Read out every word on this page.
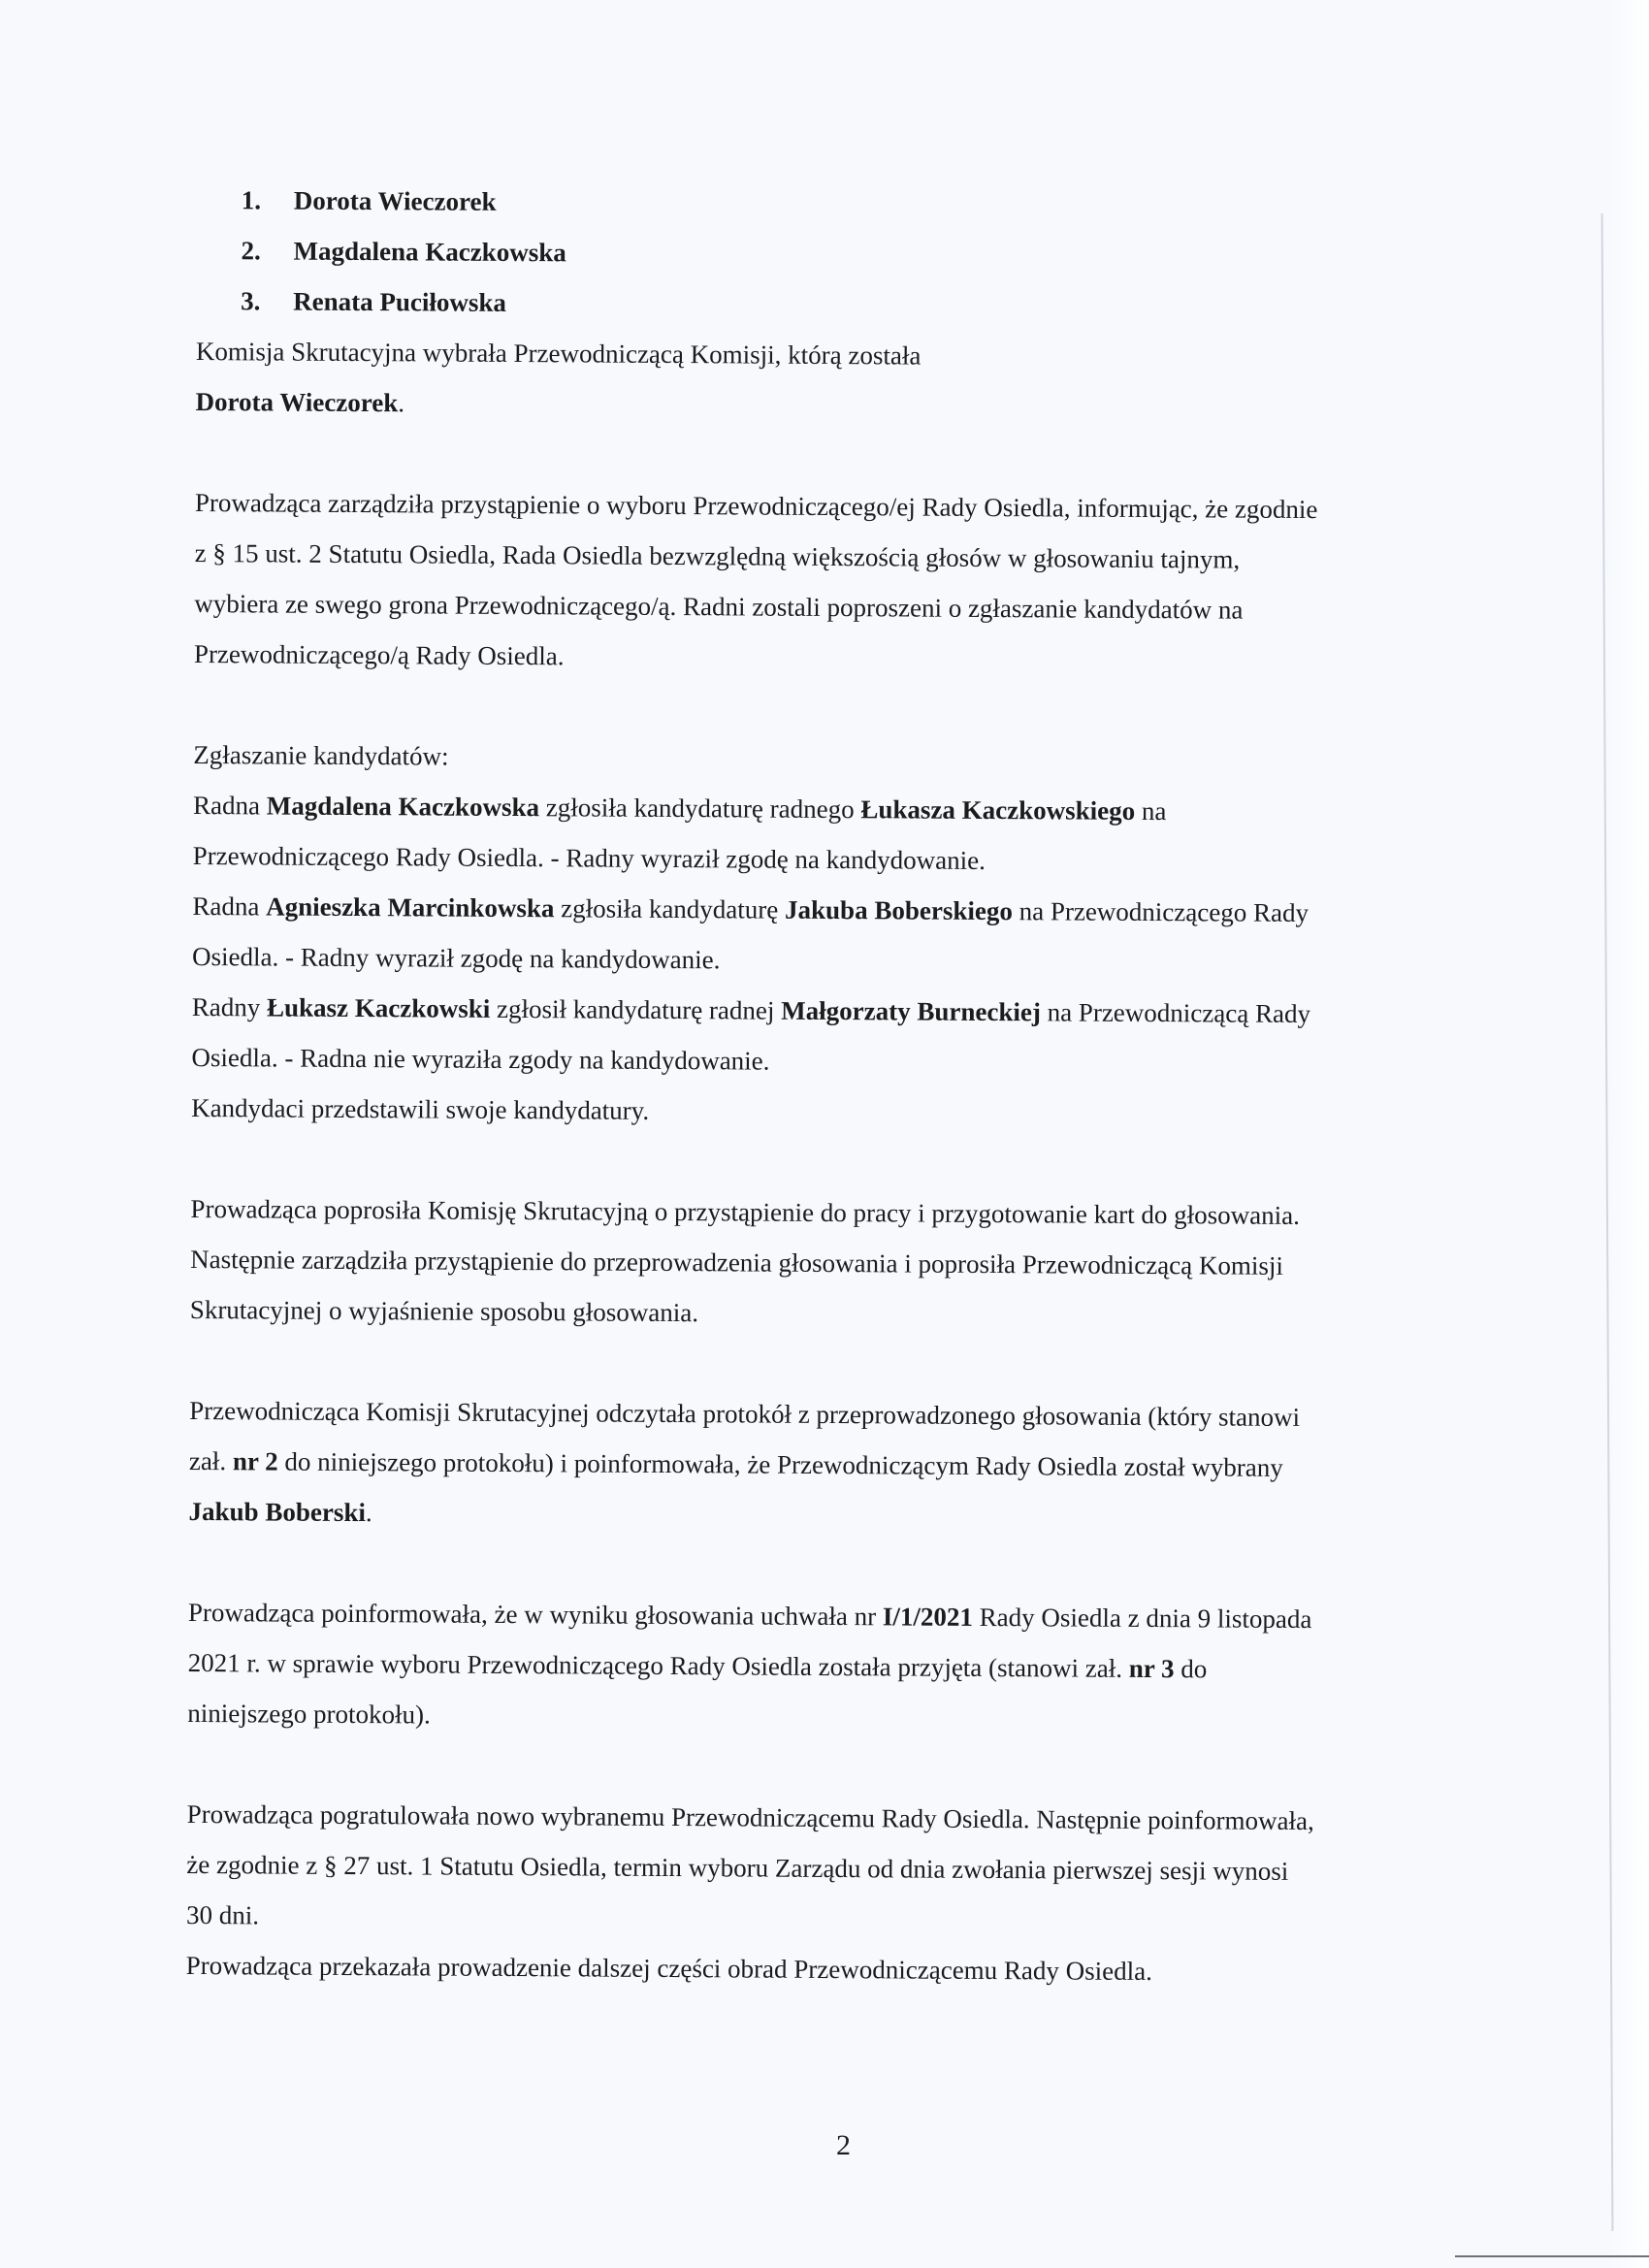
1. Dorota Wieczorek
2. Magdalena Kaczkowska
3. Renata Puciłowska
Komisja Skrutacyjna wybrała Przewodniczącą Komisji, którą została
Dorota Wieczorek.
Prowadząca zarządziła przystąpienie o wyboru Przewodniczącego/ej Rady Osiedla, informując, że zgodnie
z § 15 ust. 2 Statutu Osiedla, Rada Osiedla bezwzględną większością głosów w głosowaniu tajnym,
wybiera ze swego grona Przewodniczącego/ą. Radni zostali poproszeni o zgłaszanie kandydatów na
Przewodniczącego/ą Rady Osiedla.
Zgłaszanie kandydatów:
Radna Magdalena Kaczkowska zgłosiła kandydaturę radnego Łukasza Kaczkowskiego na
Przewodniczącego Rady Osiedla. - Radny wyraził zgodę na kandydowanie.
Radna Agnieszka Marcinkowska zgłosiła kandydaturę Jakuba Boberskiego na Przewodniczącego Rady
Osiedla. - Radny wyraził zgodę na kandydowanie.
Radny Łukasz Kaczkowski zgłosił kandydaturę radnej Małgorzaty Burneckiej na Przewodniczącą Rady
Osiedla. - Radna nie wyraziła zgody na kandydowanie.
Kandydaci przedstawili swoje kandydatury.
Prowadząca poprosiła Komisję Skrutacyjną o przystąpienie do pracy i przygotowanie kart do głosowania.
Następnie zarządziła przystąpienie do przeprowadzenia głosowania i poprosiła Przewodniczącą Komisji
Skrutacyjnej o wyjaśnienie sposobu głosowania.
Przewodnicząca Komisji Skrutacyjnej odczytała protokół z przeprowadzonego głosowania (który stanowi
zał. nr 2 do niniejszego protokołu) i poinformowała, że Przewodniczącym Rady Osiedla został wybrany
Jakub Boberski.
Prowadząca poinformowała, że w wyniku głosowania uchwała nr I/1/2021 Rady Osiedla z dnia 9 listopada
2021 r. w sprawie wyboru Przewodniczącego Rady Osiedla została przyjęta (stanowi zał. nr 3 do
niniejszego protokołu).
Prowadząca pogratulowała nowo wybranemu Przewodniczącemu Rady Osiedla. Następnie poinformowała,
że zgodnie z § 27 ust. 1 Statutu Osiedla, termin wyboru Zarządu od dnia zwołania pierwszej sesji wynosi
30 dni.
Prowadząca przekazała prowadzenie dalszej części obrad Przewodniczącemu Rady Osiedla.
2
